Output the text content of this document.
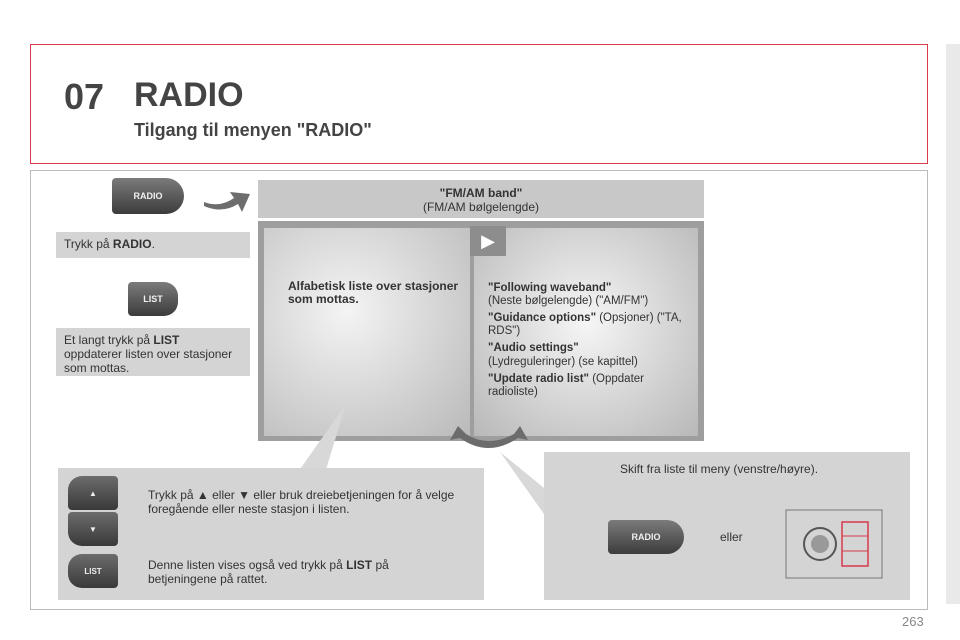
07 RADIO
Tilgang til menyen "RADIO"
RADIO
Trykk på RADIO.
LIST
Et langt trykk på LIST
oppdaterer listen over stasjoner som mottas.
"FM/AM band"
(FM/AM bølgelengde)
▶
Alfabetisk liste over stasjoner som mottas.
"Following waveband"
(Neste bølgelengde) ("AM/FM")
"Guidance options" (Opsjoner) ("TA, RDS")
"Audio settings"
(Lydreguleringer) (se kapittel)
"Update radio list" (Oppdater radioliste)
▲
▼
LIST
Trykk på ▲ eller ▼ eller bruk dreiebetjeningen for å velge foregående eller neste stasjon i listen.
Denne listen vises også ved trykk på LIST på betjeningene på rattet.
Skift fra liste til meny (venstre/høyre).
RADIO	eller
263
